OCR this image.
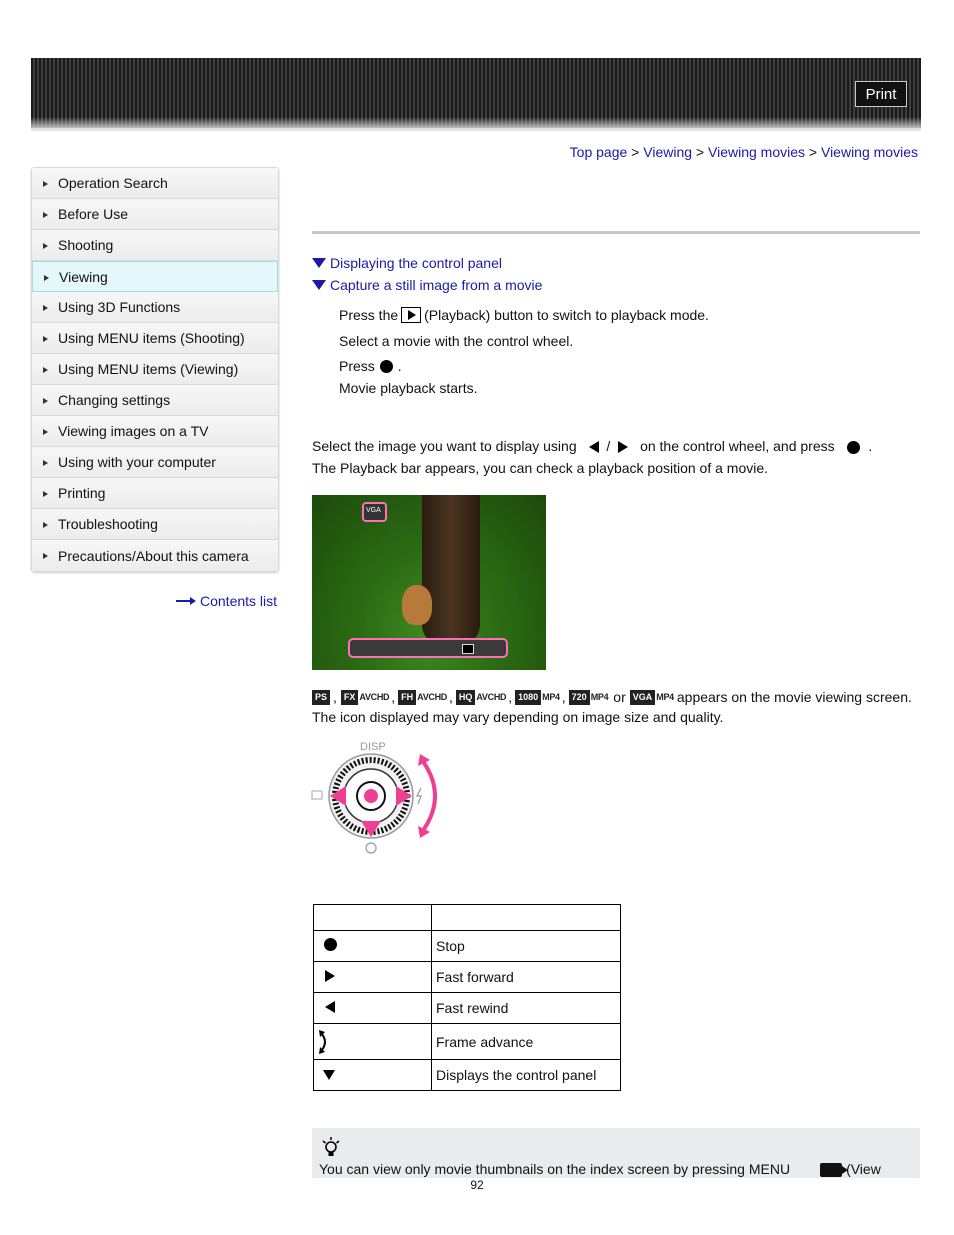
Print
Top page > Viewing > Viewing movies > Viewing movies
Operation Search
Before Use
Shooting
Viewing
Using 3D Functions
Using MENU items (Shooting)
Using MENU items (Viewing)
Changing settings
Viewing images on a TV
Using with your computer
Printing
Troubleshooting
Precautions/About this camera
Contents list
Displaying the control panel
Capture a still image from a movie
Press the (Playback) button to switch to playback mode.
Select a movie with the control wheel.
Press .
Movie playback starts.
Select the image you want to display using / on the control wheel, and press .
The Playback bar appears, you can check a playback position of a movie.
VGA
PS , FX AVCHD , FH AVCHD , HQ AVCHD , 1080 MP4 , 720 MP4 or VGA MP4 appears on the movie viewing screen.
The icon displayed may vary depending on image size and quality.
DISP

	Stop
	Fast forward
	Fast rewind
	Frame advance
	Displays the control panel
You can view only movie thumbnails on the index screen by pressing MENU	(View
92
